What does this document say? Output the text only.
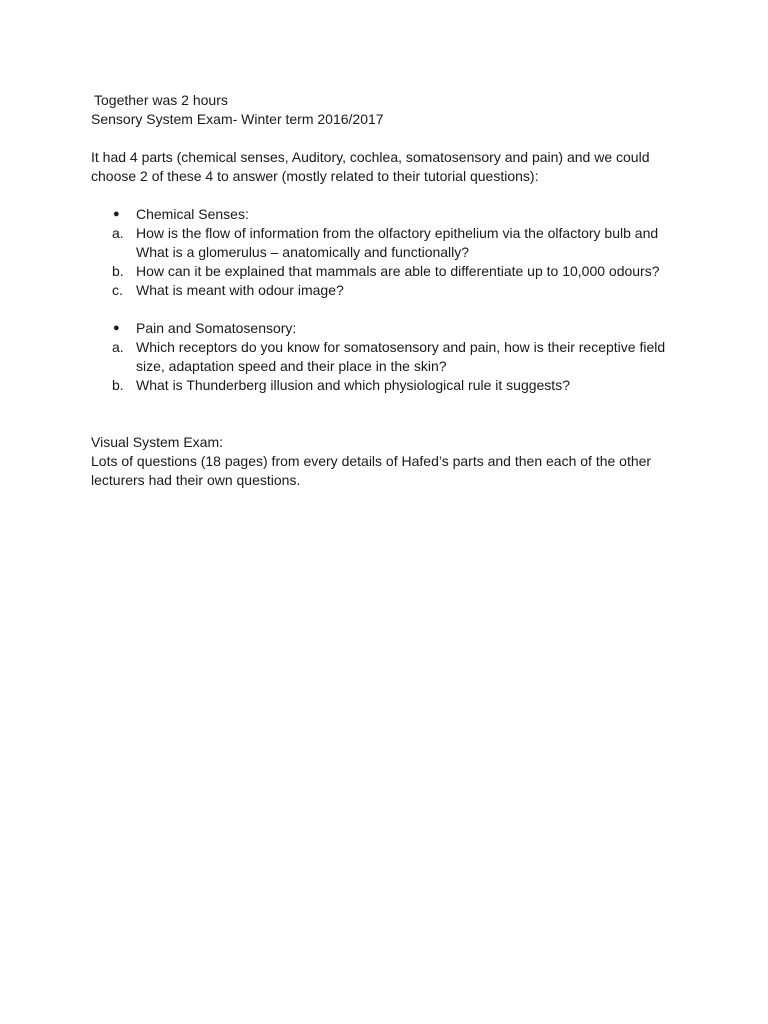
Together was 2 hours

Sensory System Exam- Winter term 2016/2017

It had 4 parts (chemical senses, Auditory, cochlea, somatosensory and pain) and we could

choose 2 of these 4 to answer (mostly related to their tutorial questions):

● Chemical Senses:

a. How is the flow of information from the olfactory epithelium via the olfactory bulb and

What is a glomerulus – anatomically and functionally?

b. How can it be explained that mammals are able to differentiate up to 10,000 odours?

c. What is meant with odour image?

● Pain and Somatosensory:

a. Which receptors do you know for somatosensory and pain, how is their receptive field

size, adaptation speed and their place in the skin?

b. What is Thunderberg illusion and which physiological rule it suggests?

Visual System Exam:

Lots of questions (18 pages) from every details of Hafed’s parts and then each of the other

lecturers had their own questions.
